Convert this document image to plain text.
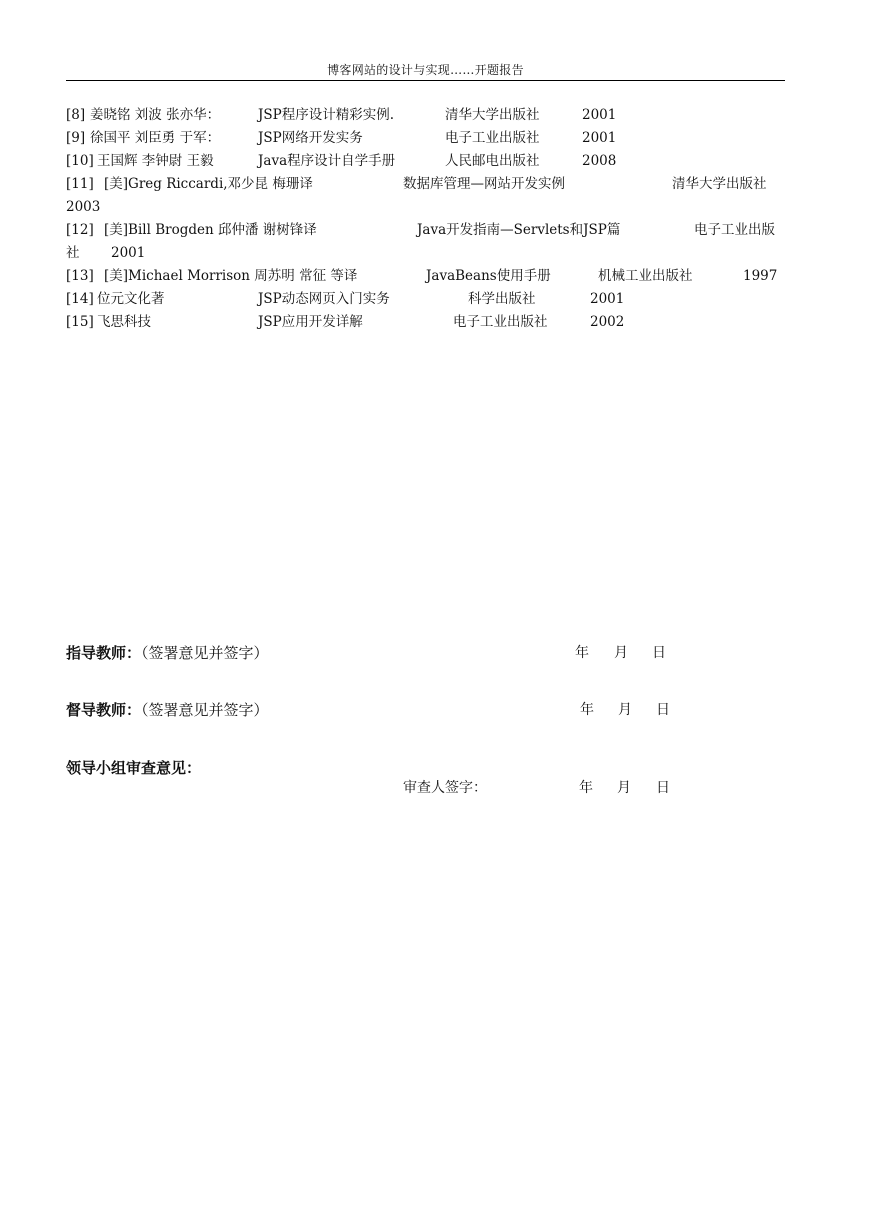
博客网站的设计与实现……开题报告
[8] 姜晓铭 刘波 张亦华：	JSP程序设计精彩实例.	清华大学出版社	2001
[9] 徐国平 刘臣勇 于军：	JSP网络开发实务	电子工业出版社	2001
[10] 王国辉 李钟尉 王毅	Java程序设计自学手册	人民邮电出版社	2008
[11] [美]Greg Riccardi,邓少昆 梅珊译	数据库管理—网站开发实例	清华大学出版社
2003
[12] [美]Bill Brogden 邱仲潘 谢树锋译	Java开发指南—Servlets和JSP篇	电子工业出版
社 2001
[13] [美]Michael Morrison 周苏明 常征 等译	JavaBeans使用手册	机械工业出版社	1997
[14] 位元文化著	JSP动态网页入门实务	科学出版社	2001
[15] 飞思科技	JSP应用开发详解	电子工业出版社	2002
指导教师：（签署意见并签字）	年 月 日
督导教师：（签署意见并签字）	年 月 日
领导小组审查意见：
审查人签字：	年 月 日
